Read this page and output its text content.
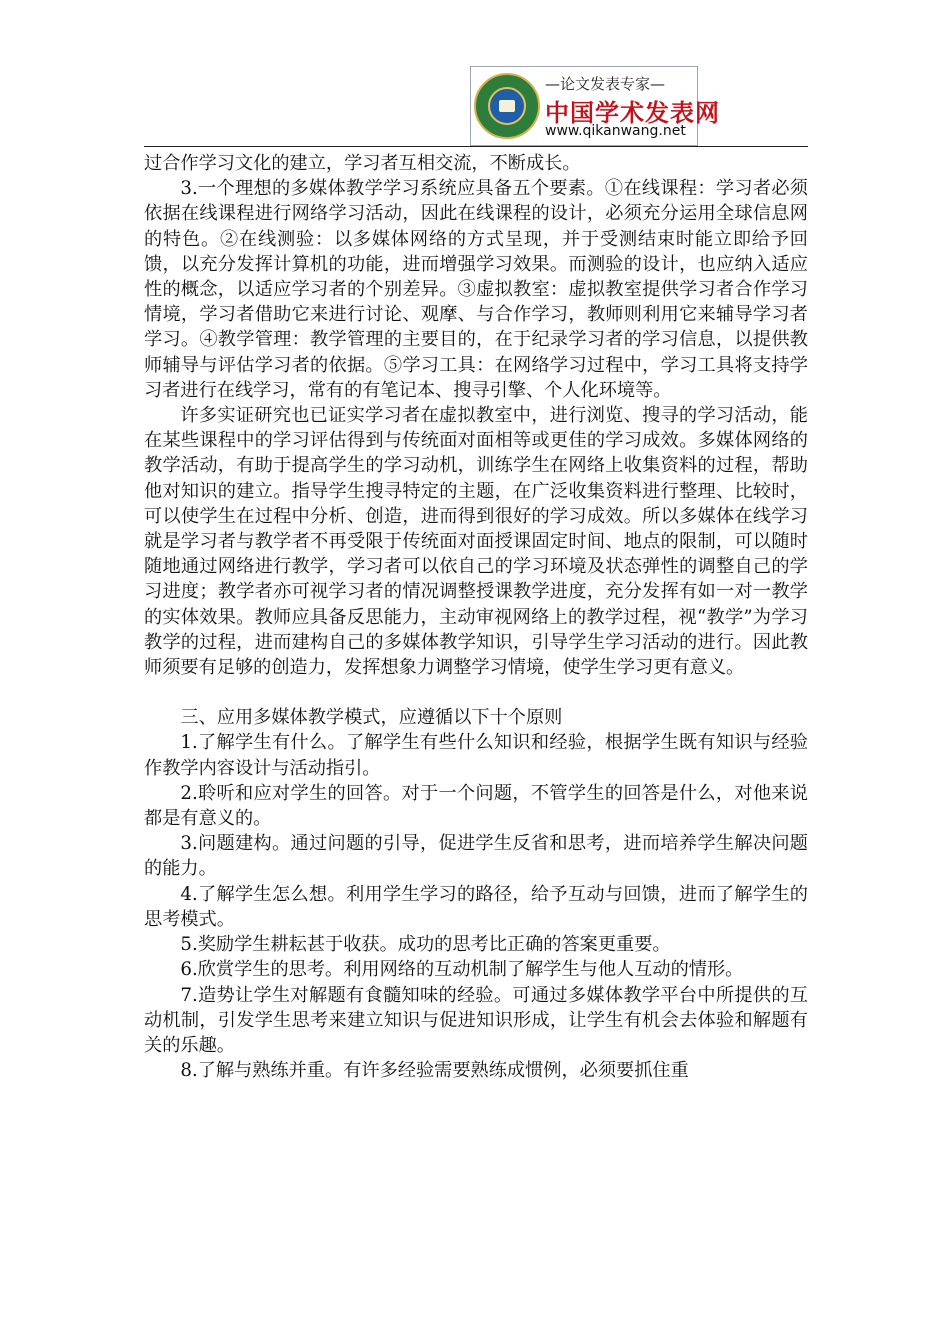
—论文发表专家—
中国学术发表网
www.qikanwang.net

过合作学习文化的建立，学习者互相交流，不断成长。

3.一个理想的多媒体教学学习系统应具备五个要素。①在线课程：学习者必须依据在线课程进行网络学习活动，因此在线课程的设计，必须充分运用全球信息网的特色。②在线测验：以多媒体网络的方式呈现，并于受测结束时能立即给予回馈，以充分发挥计算机的功能，进而增强学习效果。而测验的设计，也应纳入适应性的概念，以适应学习者的个别差异。③虚拟教室：虚拟教室提供学习者合作学习情境，学习者借助它来进行讨论、观摩、与合作学习，教师则利用它来辅导学习者学习。④教学管理：教学管理的主要目的，在于纪录学习者的学习信息，以提供教师辅导与评估学习者的依据。⑤学习工具：在网络学习过程中，学习工具将支持学习者进行在线学习，常有的有笔记本、搜寻引擎、个人化环境等。

许多实证研究也已证实学习者在虚拟教室中，进行浏览、搜寻的学习活动，能在某些课程中的学习评估得到与传统面对面相等或更佳的学习成效。多媒体网络的教学活动，有助于提高学生的学习动机，训练学生在网络上收集资料的过程，帮助他对知识的建立。指导学生搜寻特定的主题，在广泛收集资料进行整理、比较时，可以使学生在过程中分析、创造，进而得到很好的学习成效。所以多媒体在线学习就是学习者与教学者不再受限于传统面对面授课固定时间、地点的限制，可以随时随地通过网络进行教学，学习者可以依自己的学习环境及状态弹性的调整自己的学习进度；教学者亦可视学习者的情况调整授课教学进度，充分发挥有如一对一教学的实体效果。教师应具备反思能力，主动审视网络上的教学过程，视“教学”为学习教学的过程，进而建构自己的多媒体教学知识，引导学生学习活动的进行。因此教师须要有足够的创造力，发挥想象力调整学习情境，使学生学习更有意义。

三、应用多媒体教学模式，应遵循以下十个原则

1.了解学生有什么。了解学生有些什么知识和经验，根据学生既有知识与经验作教学内容设计与活动指引。

2.聆听和应对学生的回答。对于一个问题，不管学生的回答是什么，对他来说都是有意义的。

3.问题建构。通过问题的引导，促进学生反省和思考，进而培养学生解决问题的能力。

4.了解学生怎么想。利用学生学习的路径，给予互动与回馈，进而了解学生的思考模式。

5.奖励学生耕耘甚于收获。成功的思考比正确的答案更重要。

6.欣赏学生的思考。利用网络的互动机制了解学生与他人互动的情形。

7.造势让学生对解题有食髓知味的经验。可通过多媒体教学平台中所提供的互动机制，引发学生思考来建立知识与促进知识形成，让学生有机会去体验和解题有关的乐趣。

8.了解与熟练并重。有许多经验需要熟练成惯例，必须要抓住重
